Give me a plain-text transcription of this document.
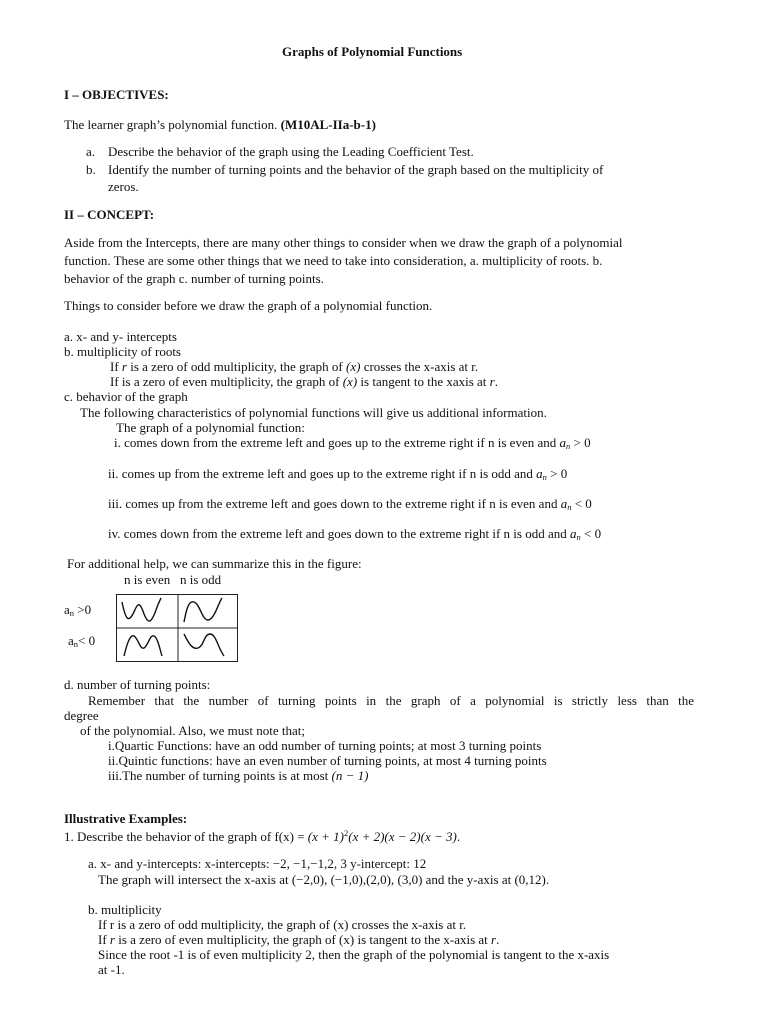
Graphs of Polynomial Functions
I – OBJECTIVES:
The learner graph’s polynomial function. (M10AL-IIa-b-1)
a. Describe the behavior of the graph using the Leading Coefficient Test.
b. Identify the number of turning points and the behavior of the graph based on the multiplicity of
zeros.
II – CONCEPT:
Aside from the Intercepts, there are many other things to consider when we draw the graph of a polynomial
function. These are some other things that we need to take into consideration, a. multiplicity of roots. b.
behavior of the graph c. number of turning points.
Things to consider before we draw the graph of a polynomial function.
a. x- and y- intercepts
b. multiplicity of roots
If r is a zero of odd multiplicity, the graph of (x) crosses the x-axis at r.
If is a zero of even multiplicity, the graph of (x) is tangent to the xaxis at r.
c. behavior of the graph
The following characteristics of polynomial functions will give us additional information.
The graph of a polynomial function:
i. comes down from the extreme left and goes up to the extreme right if n is even and $a_n > 0$
ii. comes up from the extreme left and goes up to the extreme right if n is odd and $a_n > 0$
iii. comes up from the extreme left and goes down to the extreme right if n is even and $a_n < 0$
iv. comes down from the extreme left and goes down to the extreme right if n is odd and $a_n < 0$
For additional help, we can summarize this in the figure:
n is even   n is odd
$a_n >0$
$a_n< 0$
d. number of turning points:
Remember that the number of turning points in the graph of a polynomial is strictly less than the
degree
of the polynomial. Also, we must note that;
i.Quartic Functions: have an odd number of turning points; at most 3 turning points
ii.Quintic functions: have an even number of turning points, at most 4 turning points
iii.The number of turning points is at most (n − 1)
Illustrative Examples:
1. Describe the behavior of the graph of $f(x) = (x + 1)^2(x + 2)(x - 2)(x - 3)$.
a. x- and y-intercepts: x-intercepts: −2, −1,−1,2, 3 y-intercept: 12
The graph will intersect the x-axis at (−2,0), (−1,0),(2,0), (3,0) and the y-axis at (0,12).
b. multiplicity
If r is a zero of odd multiplicity, the graph of (x) crosses the x-axis at r.
If r is a zero of even multiplicity, the graph of (x) is tangent to the x-axis at r.
Since the root -1 is of even multiplicity 2, then the graph of the polynomial is tangent to the x-axis
at -1.
